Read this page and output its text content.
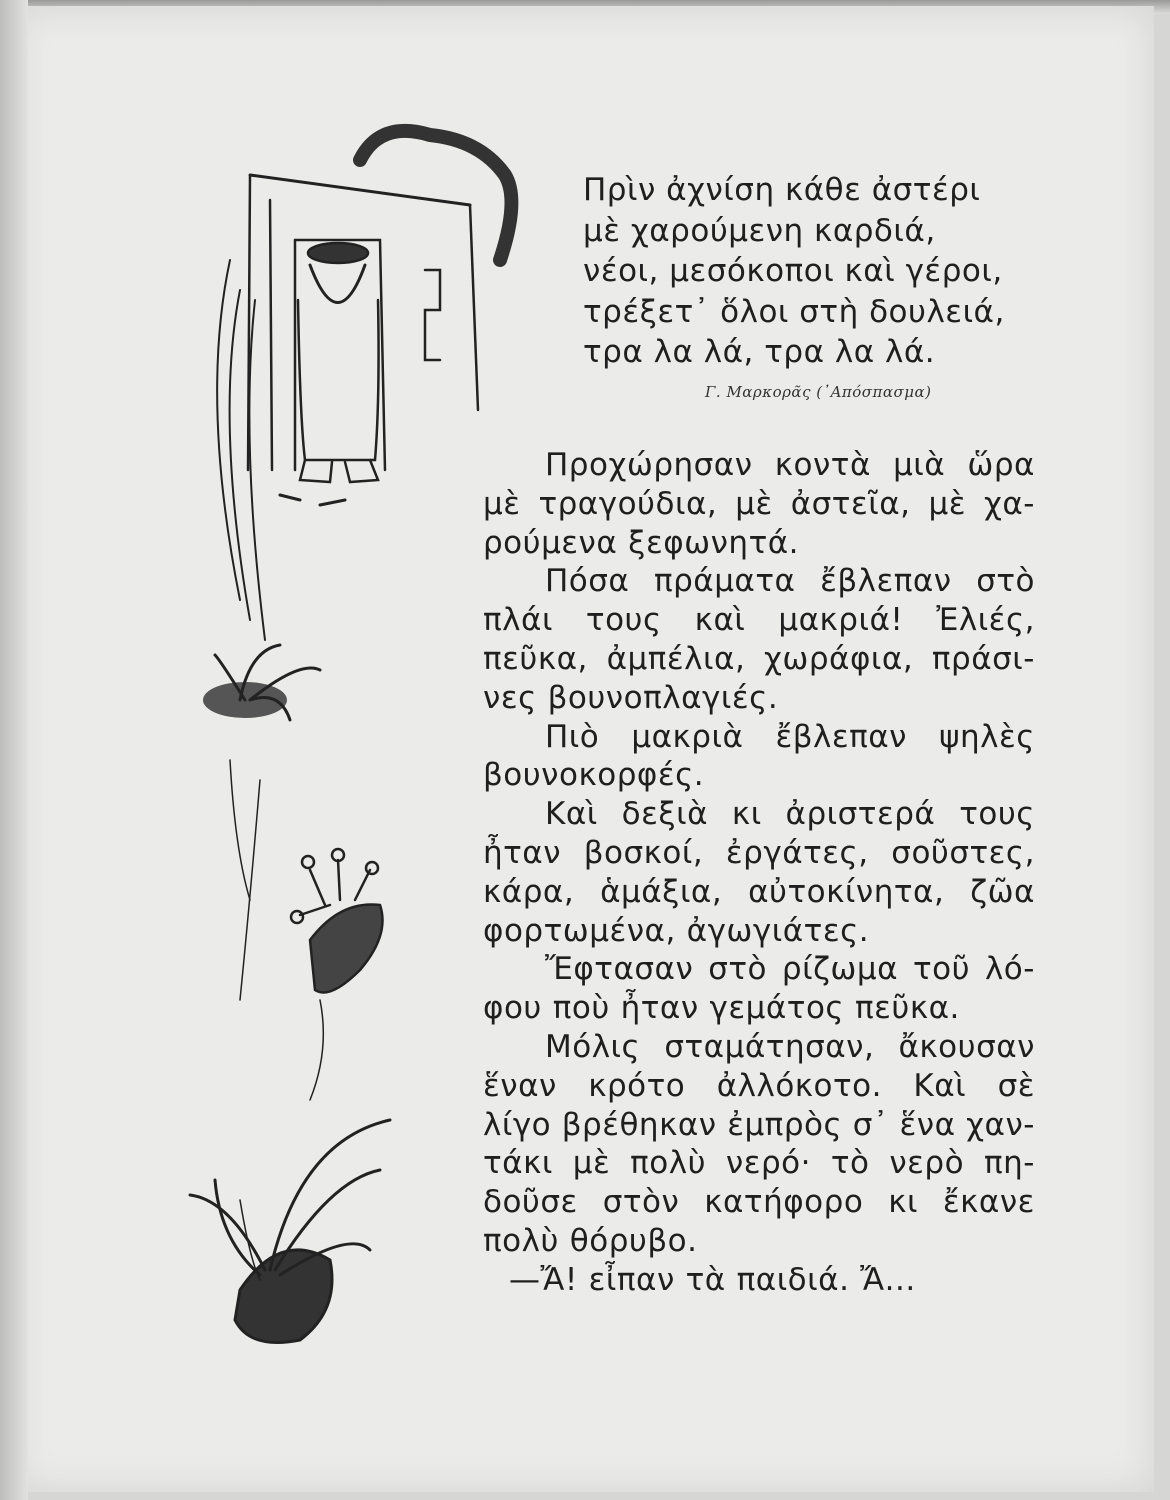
Πρὶν ἀχνίση κάθε ἀστέρι
μὲ χαρούμενη καρδιά,
νέοι, μεσόκοποι καὶ γέροι,
τρέξετ᾽ ὅλοι στὴ δουλειά,
τρα λα λά, τρα λα λά.
Γ. Μαρκορᾶς (᾽Απόσπασμα)
Προχώρησαν κοντὰ μιὰ ὥρα
μὲ τραγούδια, μὲ ἀστεῖα, μὲ χα-
ρούμενα ξεφωνητά.
Πόσα πράματα ἔβλεπαν στὸ
πλάι τους καὶ μακριά! Ἐλιές,
πεῦκα, ἀμπέλια, χωράφια, πράσι-
νες βουνοπλαγιές.
Πιὸ μακριὰ ἔβλεπαν ψηλὲς
βουνοκορφές.
Καὶ δεξιὰ κι ἀριστερά τους
ἦταν βοσκοί, ἐργάτες, σοῦστες,
κάρα, ἁμάξια, αὐτοκίνητα, ζῶα
φορτωμένα, ἀγωγιάτες.
Ἔφτασαν στὸ ρίζωμα τοῦ λό-
φου ποὺ ἦταν γεμάτος πεῦκα.
Μόλις σταμάτησαν, ἄκουσαν
ἕναν κρότο ἀλλόκοτο. Καὶ σὲ
λίγο βρέθηκαν ἐμπρὸς σ᾽ ἕνα χαν-
τάκι μὲ πολὺ νερό· τὸ νερὸ πη-
δοῦσε στὸν κατήφορο κι ἔκανε
πολὺ θόρυβο.
—Ἄ! εἶπαν τὰ παιδιά. Ἄ...
